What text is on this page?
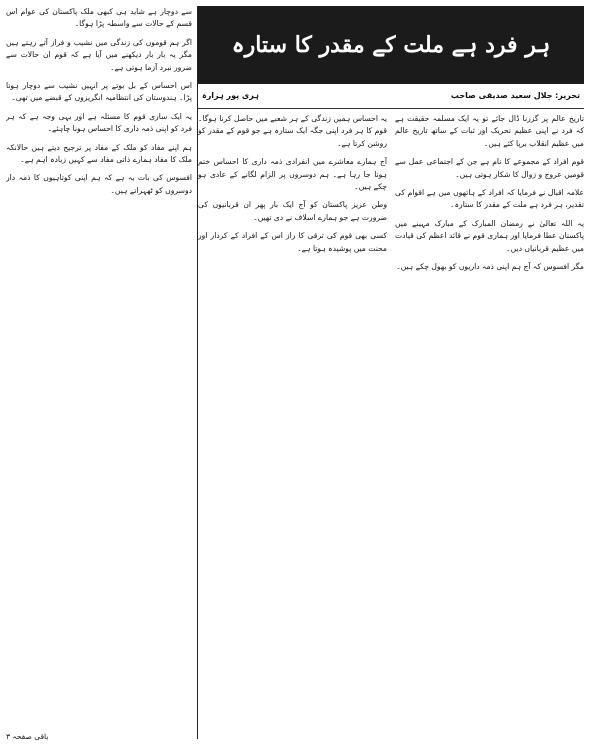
ہر فرد ہے ملت کے مقدر کا ستارہ
تحریر: جلال سعید صدیقی صاحب
ہری پور ہزارہ

تاریخ عالم پر گزرنا ڈال جائے تو یہ ایک مسلمہ حقیقت ہے کہ فرد نے اپنی عظیم تحریک اور ثبات کے ساتھ تاریخ عالم میں عظیم انقلاب برپا کئے ہیں۔

قوم افراد کے مجموعے کا نام ہے جن کے اجتماعی عمل سے قومیں عروج و زوال کا شکار ہوتی ہیں۔

علامہ اقبال نے فرمایا کہ افراد کے ہاتھوں میں ہے اقوام کی تقدیر، ہر فرد ہے ملت کے مقدر کا ستارہ۔

یہ اللہ تعالیٰ نے رمضان المبارک کے مبارک مہینے میں پاکستان عطا فرمایا اور ہماری قوم نے قائد اعظم کی قیادت میں عظیم قربانیاں دیں۔

مگر افسوس کہ آج ہم اپنی ذمہ داریوں کو بھول چکے ہیں۔

یہ احساس ہمیں زندگی کے ہر شعبے میں حاصل کرنا ہوگا۔ قوم کا ہر فرد اپنی جگہ ایک ستارہ ہے جو قوم کے مقدر کو روشن کرتا ہے۔

آج ہمارے معاشرے میں انفرادی ذمہ داری کا احساس ختم ہوتا جا رہا ہے۔ ہم دوسروں پر الزام لگانے کے عادی ہو چکے ہیں۔

وطن عزیز پاکستان کو آج ایک بار پھر ان قربانیوں کی ضرورت ہے جو ہمارے اسلاف نے دی تھیں۔

کسی بھی قوم کی ترقی کا راز اس کے افراد کے کردار اور محنت میں پوشیدہ ہوتا ہے۔

سے دوچار ہے شاید ہی کبھی ملک پاکستان کی عوام اس قسم کے حالات سے واسطہ پڑا ہوگا۔

اگر ہم قوموں کی زندگی میں نشیب و فراز آتے رہتے ہیں مگر یہ بار بار دیکھنے میں آیا ہے کہ قوم ان حالات سے ضرور نبرد آزما ہوتی ہے۔

اس احساس کے بل بوتے پر انہیں نشیب سے دوچار ہونا پڑا۔ ہندوستان کی انتظامیہ انگریزوں کے قبضے میں تھی۔

یہ ایک ساری قوم کا مسئلہ ہے اور یہی وجہ ہے کہ ہر فرد کو اپنی ذمہ داری کا احساس ہونا چاہئے۔

ہم اپنے مفاد کو ملک کے مفاد پر ترجیح دیتے ہیں حالانکہ ملک کا مفاد ہمارے ذاتی مفاد سے کہیں زیادہ اہم ہے۔

افسوس کی بات یہ ہے کہ ہم اپنی کوتاہیوں کا ذمہ دار دوسروں کو ٹھہراتے ہیں۔

باقی صفحہ ۳
